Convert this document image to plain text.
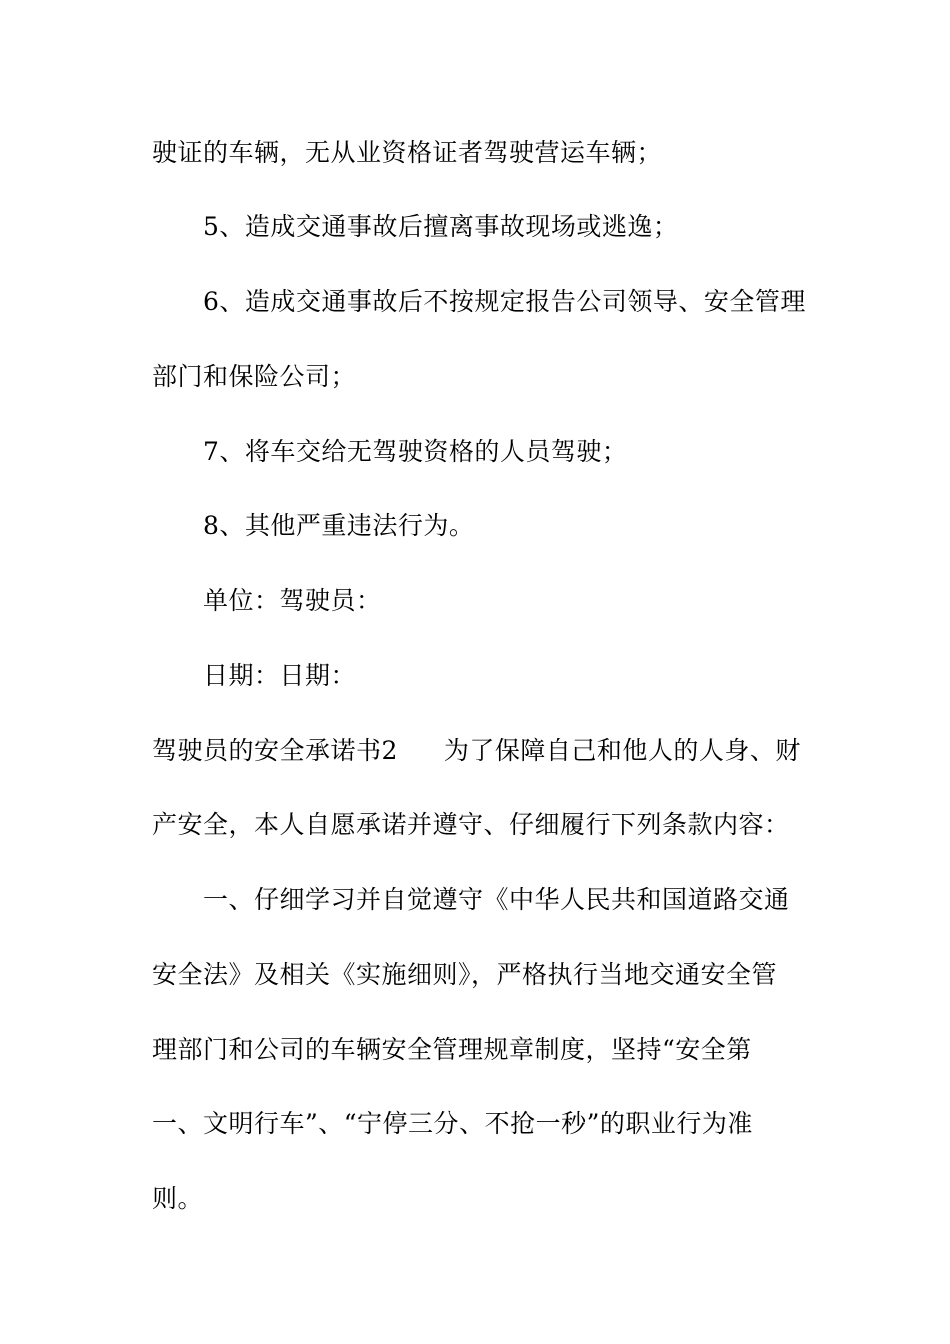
驶证的车辆，无从业资格证者驾驶营运车辆；
5、造成交通事故后擅离事故现场或逃逸；
6、造成交通事故后不按规定报告公司领导、安全管理
部门和保险公司；
7、将车交给无驾驶资格的人员驾驶；
8、其他严重违法行为。
单位：驾驶员：
日期：日期：
驾驶员的安全承诺书2 为了保障自己和他人的人身、财
产安全，本人自愿承诺并遵守、仔细履行下列条款内容：
一、仔细学习并自觉遵守《中华人民共和国道路交通
安全法》及相关《实施细则》，严格执行当地交通安全管
理部门和公司的车辆安全管理规章制度，坚持“安全第
一、文明行车”、“宁停三分、不抢一秒”的职业行为准
则。
